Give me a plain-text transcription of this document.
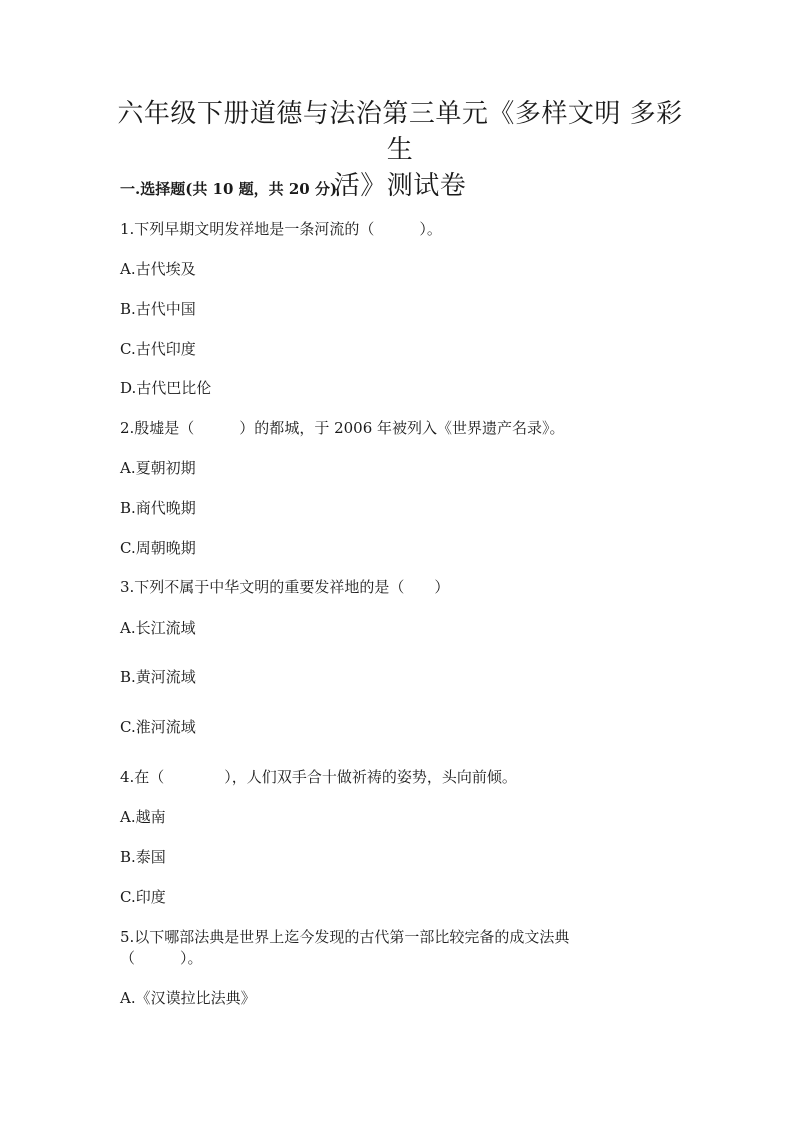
六年级下册道德与法治第三单元《多样文明 多彩生
活》测试卷
一.选择题(共 10 题，共 20 分)
1.下列早期文明发祥地是一条河流的（　　　）。
A.古代埃及
B.古代中国
C.古代印度
D.古代巴比伦
2.殷墟是（　　　）的都城，于 2006 年被列入《世界遗产名录》。
A.夏朝初期
B.商代晚期
C.周朝晚期
3.下列不属于中华文明的重要发祥地的是（　　）
A.长江流域
B.黄河流域
C.淮河流域
4.在（　　　　），人们双手合十做祈祷的姿势，头向前倾。
A.越南
B.泰国
C.印度
5.以下哪部法典是世界上迄今发现的古代第一部比较完备的成文法典
（　　　）。
A.《汉谟拉比法典》
